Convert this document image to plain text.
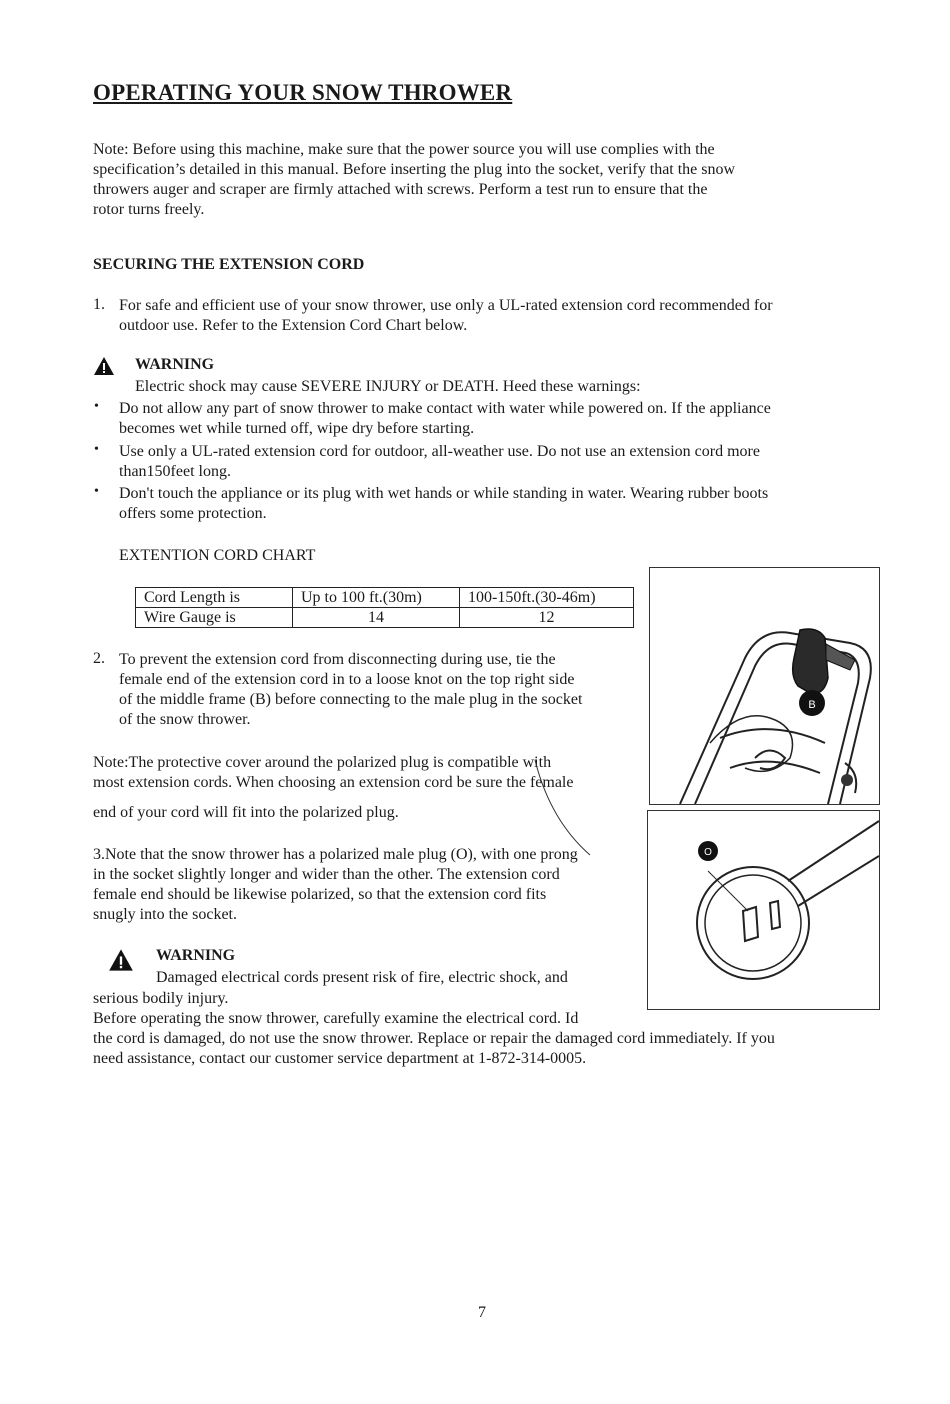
OPERATING YOUR SNOW THROWER
Note: Before using this machine, make sure that the power source you will use complies with the
specification’s detailed in this manual. Before inserting the plug into the socket, verify that the snow
throwers auger and scraper are firmly attached with screws. Perform a test run to ensure that the
rotor turns freely.
SECURING THE EXTENSION CORD
1. For safe and efficient use of your snow thrower, use only a UL-rated extension cord recommended for
outdoor use. Refer to the Extension Cord Chart below.
WARNING
Electric shock may cause SEVERE INJURY or DEATH. Heed these warnings:
• Do not allow any part of snow thrower to make contact with water while powered on. If the appliance
becomes wet while turned off, wipe dry before starting.
• Use only a UL-rated extension cord for outdoor, all-weather use. Do not use an extension cord more
than150feet long.
• Don't touch the appliance or its plug with wet hands or while standing in water. Wearing rubber boots
offers some protection.
EXTENTION CORD CHART
Cord Length is	Up to 100 ft.(30m)	100-150ft.(30-46m)
Wire Gauge is	14	12
2. To prevent the extension cord from disconnecting during use, tie the
female end of the extension cord in to a loose knot on the top right side
of the middle frame (B) before connecting to the male plug in the socket
of the snow thrower.
Note:The protective cover around the polarized plug is compatible with
most extension cords. When choosing an extension cord be sure the female
end of your cord will fit into the polarized plug.
3.Note that the snow thrower has a polarized male plug (O), with one prong
in the socket slightly longer and wider than the other. The extension cord
female end should be likewise polarized, so that the extension cord fits
snugly into the socket.
WARNING
Damaged electrical cords present risk of fire, electric shock, and
serious bodily injury.
Before operating the snow thrower, carefully examine the electrical cord. Id
the cord is damaged, do not use the snow thrower. Replace or repair the damaged cord immediately. If you
need assistance, contact our customer service department at 1-872-314-0005.
B
O
7
